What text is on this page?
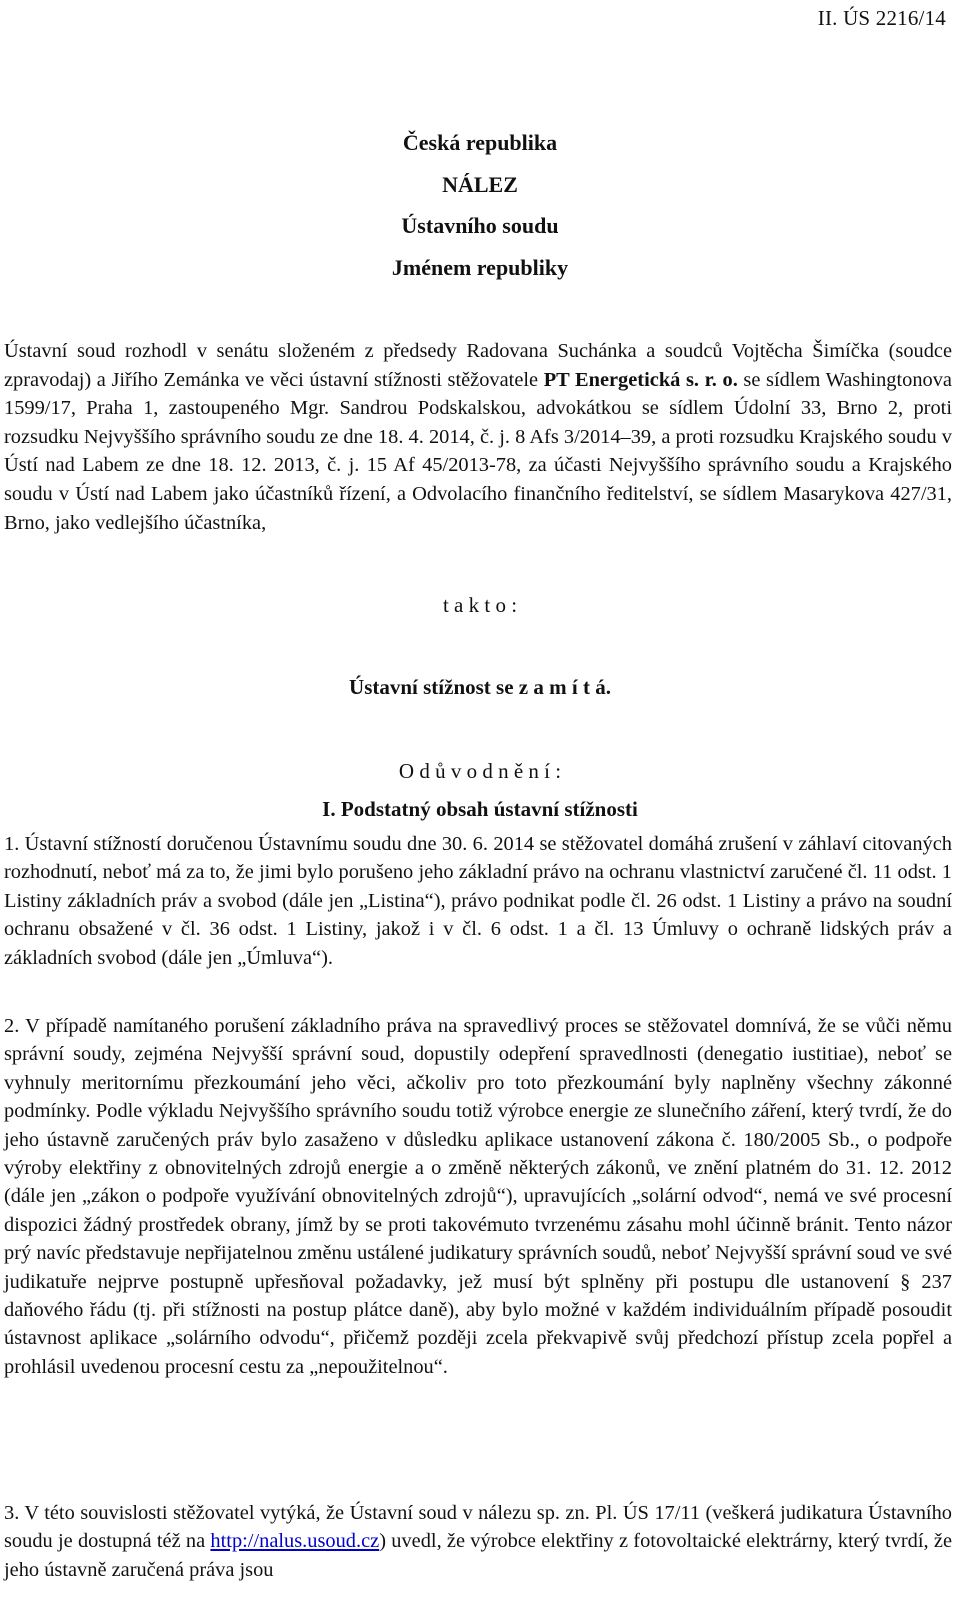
II. ÚS 2216/14
Česká republika
NÁLEZ
Ústavního soudu
Jménem republiky
Ústavní soud rozhodl v senátu složeném z předsedy Radovana Suchánka a soudců Vojtěcha Šimíčka (soudce zpravodaj) a Jiřího Zemánka ve věci ústavní stížnosti stěžovatele PT Energetická s. r. o. se sídlem Washingtonova 1599/17, Praha 1, zastoupeného Mgr. Sandrou Podskalskou, advokátkou se sídlem Údolní 33, Brno 2, proti rozsudku Nejvyššího správního soudu ze dne 18. 4. 2014, č. j. 8 Afs 3/2014–39, a proti rozsudku Krajského soudu v Ústí nad Labem ze dne 18. 12. 2013, č. j. 15 Af 45/2013-78, za účasti Nejvyššího správního soudu a Krajského soudu v Ústí nad Labem jako účastníků řízení, a Odvolacího finančního ředitelství, se sídlem Masarykova 427/31, Brno, jako vedlejšího účastníka,
t a k t o :
Ústavní stížnost se z a m í t á.
O d ů v o d n ě n í :
I. Podstatný obsah ústavní stížnosti
1. Ústavní stížností doručenou Ústavnímu soudu dne 30. 6. 2014 se stěžovatel domáhá zrušení v záhlaví citovaných rozhodnutí, neboť má za to, že jimi bylo porušeno jeho základní právo na ochranu vlastnictví zaručené čl. 11 odst. 1 Listiny základních práv a svobod (dále jen „Listina“), právo podnikat podle čl. 26 odst. 1 Listiny a právo na soudní ochranu obsažené v čl. 36 odst. 1 Listiny, jakož i v čl. 6 odst. 1 a čl. 13 Úmluvy o ochraně lidských práv a základních svobod (dále jen „Úmluva“).
2. V případě namítaného porušení základního práva na spravedlivý proces se stěžovatel domnívá, že se vůči němu správní soudy, zejména Nejvyšší správní soud, dopustily odepření spravedlnosti (denegatio iustitiae), neboť se vyhnuly meritornímu přezkoumání jeho věci, ačkoliv pro toto přezkoumání byly naplněny všechny zákonné podmínky. Podle výkladu Nejvyššího správního soudu totiž výrobce energie ze slunečního záření, který tvrdí, že do jeho ústavně zaručených práv bylo zasaženo v důsledku aplikace ustanovení zákona č. 180/2005 Sb., o podpoře výroby elektřiny z obnovitelných zdrojů energie a o změně některých zákonů, ve znění platném do 31. 12. 2012 (dále jen „zákon o podpoře využívání obnovitelných zdrojů“), upravujících „solární odvod“, nemá ve své procesní dispozici žádný prostředek obrany, jímž by se proti takovémuto tvrzenému zásahu mohl účinně bránit. Tento názor prý navíc představuje nepřijatelnou změnu ustálené judikatury správních soudů, neboť Nejvyšší správní soud ve své judikatuře nejprve postupně upřesňoval požadavky, jež musí být splněny při postupu dle ustanovení § 237 daňového řádu (tj. při stížnosti na postup plátce daně), aby bylo možné v každém individuálním případě posoudit ústavnost aplikace „solárního odvodu“, přičemž později zcela překvapivě svůj předchozí přístup zcela popřel a prohlásil uvedenou procesní cestu za „nepoužitelnou“.
3. V této souvislosti stěžovatel vytýká, že Ústavní soud v nálezu sp. zn. Pl. ÚS 17/11 (veškerá judikatura Ústavního soudu je dostupná též na http://nalus.usoud.cz) uvedl, že výrobce elektřiny z fotovoltaické elektrárny, který tvrdí, že jeho ústavně zaručená práva jsou
